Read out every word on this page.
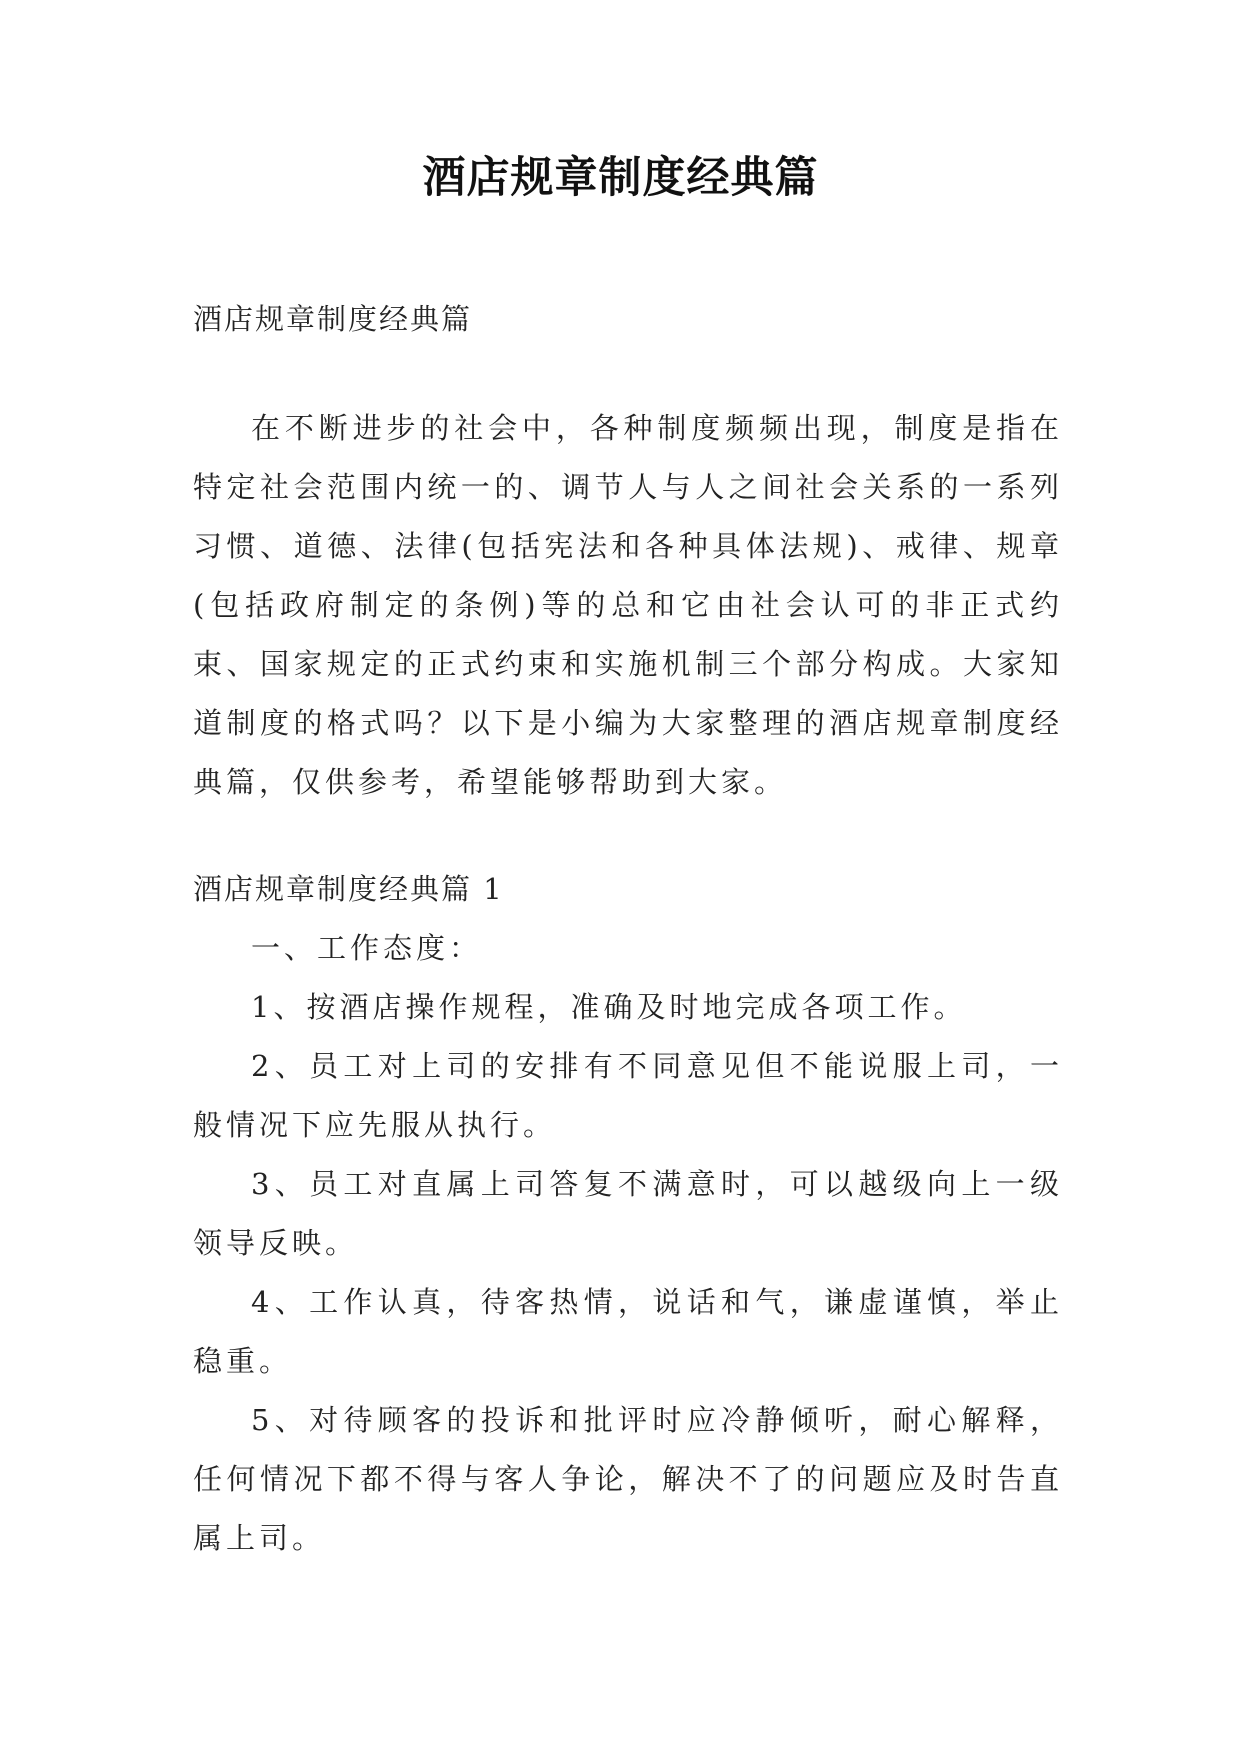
酒店规章制度经典篇

酒店规章制度经典篇

在不断进步的社会中，各种制度频频出现，制度是指在特定社会范围内统一的、调节人与人之间社会关系的一系列习惯、道德、法律(包括宪法和各种具体法规)、戒律、规章(包括政府制定的条例)等的总和它由社会认可的非正式约束、国家规定的正式约束和实施机制三个部分构成。大家知道制度的格式吗？以下是小编为大家整理的酒店规章制度经典篇，仅供参考，希望能够帮助到大家。

酒店规章制度经典篇 1

一、工作态度：

1、按酒店操作规程，准确及时地完成各项工作。

2、员工对上司的安排有不同意见但不能说服上司，一般情况下应先服从执行。

3、员工对直属上司答复不满意时，可以越级向上一级领导反映。

4、工作认真，待客热情，说话和气，谦虚谨慎，举止稳重。

5、对待顾客的投诉和批评时应冷静倾听，耐心解释，任何情况下都不得与客人争论，解决不了的问题应及时告直属上司。
